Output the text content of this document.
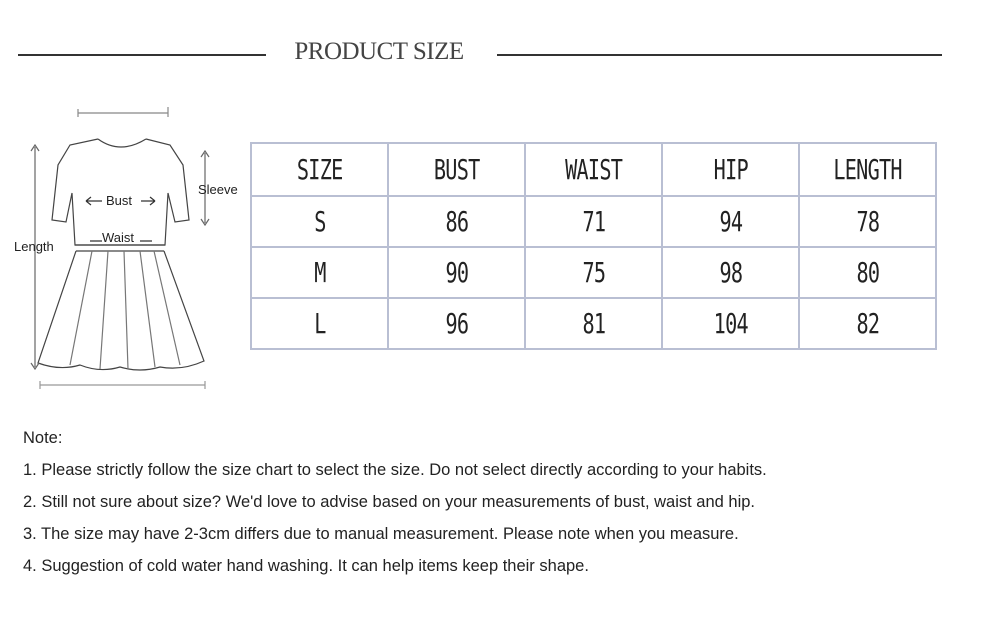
PRODUCT SIZE
Bust
Waist
Sleeve
Length
SIZE	BUST	WAIST	HIP	LENGTH
S	86	71	94	78
M	90	75	98	80
L	96	81	104	82
Note:
1. Please strictly follow the size chart to select the size. Do not select directly according to your habits.
2. Still not sure about size? We'd love to advise based on your measurements of bust, waist and hip.
3. The size may have 2-3cm differs due to manual measurement. Please note when you measure.
4. Suggestion of cold water hand washing. It can help items keep their shape.
